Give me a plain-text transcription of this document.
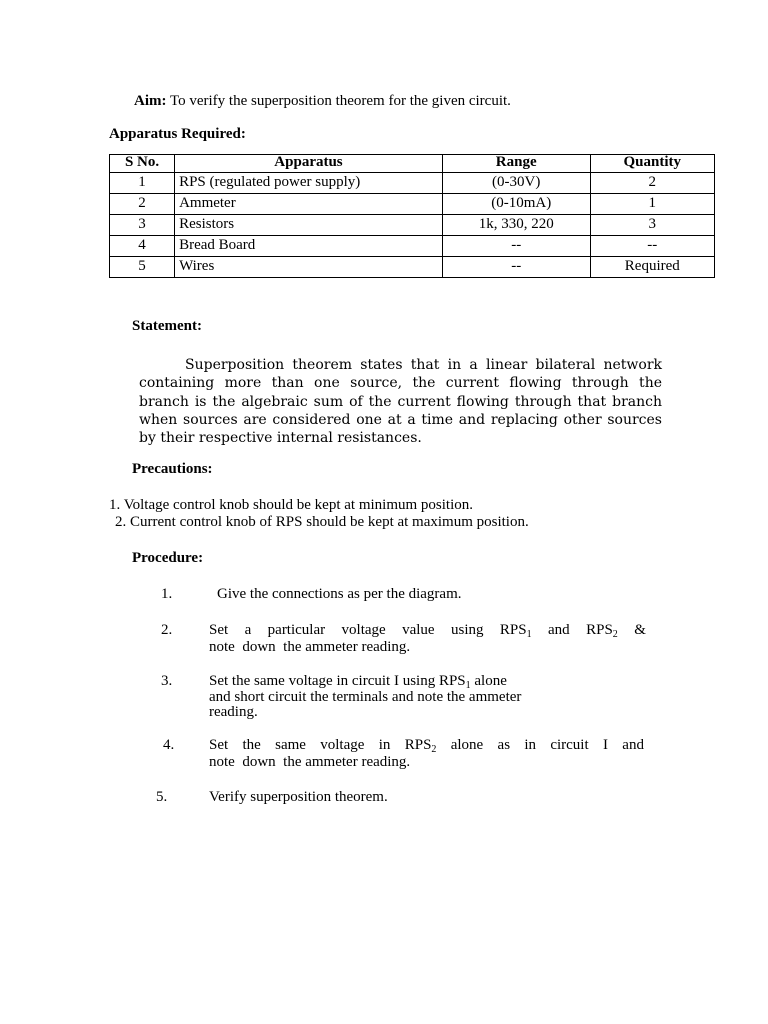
Aim: To verify the superposition theorem for the given circuit.
Apparatus Required:
S No.	Apparatus	Range	Quantity
1	RPS (regulated power supply)	(0-30V)	2
2	Ammeter	(0-10mA)	1
3	Resistors	1k, 330, 220	3
4	Bread Board	--	--
5	Wires	--	Required
Statement:
Superposition theorem states that in a linear bilateral network containing more than one source, the current flowing through the branch is the algebraic sum of the current flowing through that branch when sources are considered one at a time and replacing other sources by their respective internal resistances.
Precautions:
1. Voltage control knob should be kept at minimum position.
2. Current control knob of RPS should be kept at maximum position.
Procedure:
1.	Give the connections as per the diagram.
2. Set a particular voltage value using $RPS_1$ and $RPS_2$ &
note  down  the ammeter reading.
3. Set the same voltage in circuit I using $RPS_1$ alone
and short circuit the terminals and note the ammeter
reading.
4. Set the same voltage in $RPS_2$ alone as in circuit I and
note  down  the ammeter reading.
5.	Verify superposition theorem.
